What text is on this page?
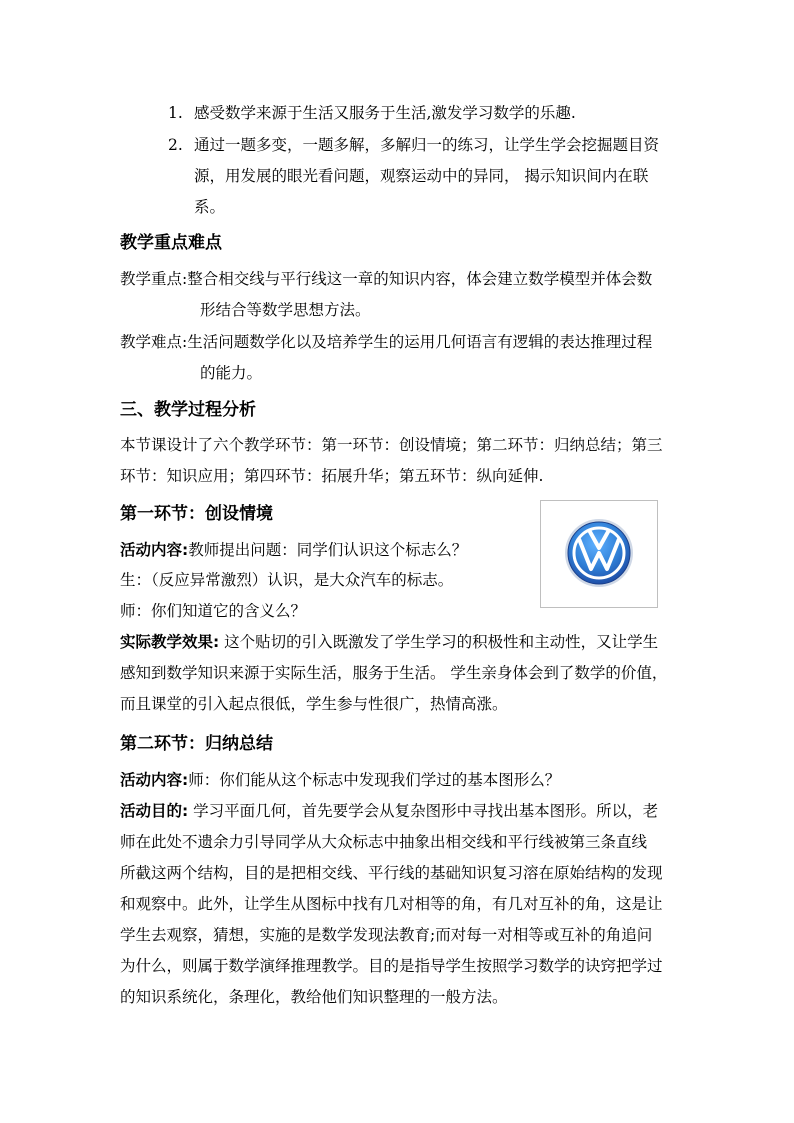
1. 感受数学来源于生活又服务于生活,激发学习数学的乐趣.
2. 通过一题多变，一题多解，多解归一的练习，让学生学会挖掘题目资
源，用发展的眼光看问题，观察运动中的异同， 揭示知识间内在联
系。
教学重点难点
教学重点:整合相交线与平行线这一章的知识内容，体会建立数学模型并体会数
形结合等数学思想方法。
教学难点:生活问题数学化以及培养学生的运用几何语言有逻辑的表达推理过程
的能力。
三、教学过程分析
本节课设计了六个教学环节：第一环节：创设情境；第二环节：归纳总结；第三
环节：知识应用；第四环节：拓展升华；第五环节：纵向延伸.
第一环节：创设情境
活动内容:教师提出问题：同学们认识这个标志么？
生：（反应异常激烈）认识，是大众汽车的标志。
师：你们知道它的含义么？
实际教学效果: 这个贴切的引入既激发了学生学习的积极性和主动性，又让学生
感知到数学知识来源于实际生活，服务于生活。 学生亲身体会到了数学的价值，
而且课堂的引入起点很低，学生参与性很广，热情高涨。
第二环节：归纳总结
活动内容:师：你们能从这个标志中发现我们学过的基本图形么？
活动目的: 学习平面几何，首先要学会从复杂图形中寻找出基本图形。所以，老
师在此处不遗余力引导同学从大众标志中抽象出相交线和平行线被第三条直线
所截这两个结构，目的是把相交线、平行线的基础知识复习溶在原始结构的发现
和观察中。此外，让学生从图标中找有几对相等的角，有几对互补的角，这是让
学生去观察，猜想，实施的是数学发现法教育;而对每一对相等或互补的角追问
为什么，则属于数学演绎推理教学。目的是指导学生按照学习数学的诀窍把学过
的知识系统化，条理化，教给他们知识整理的一般方法。
